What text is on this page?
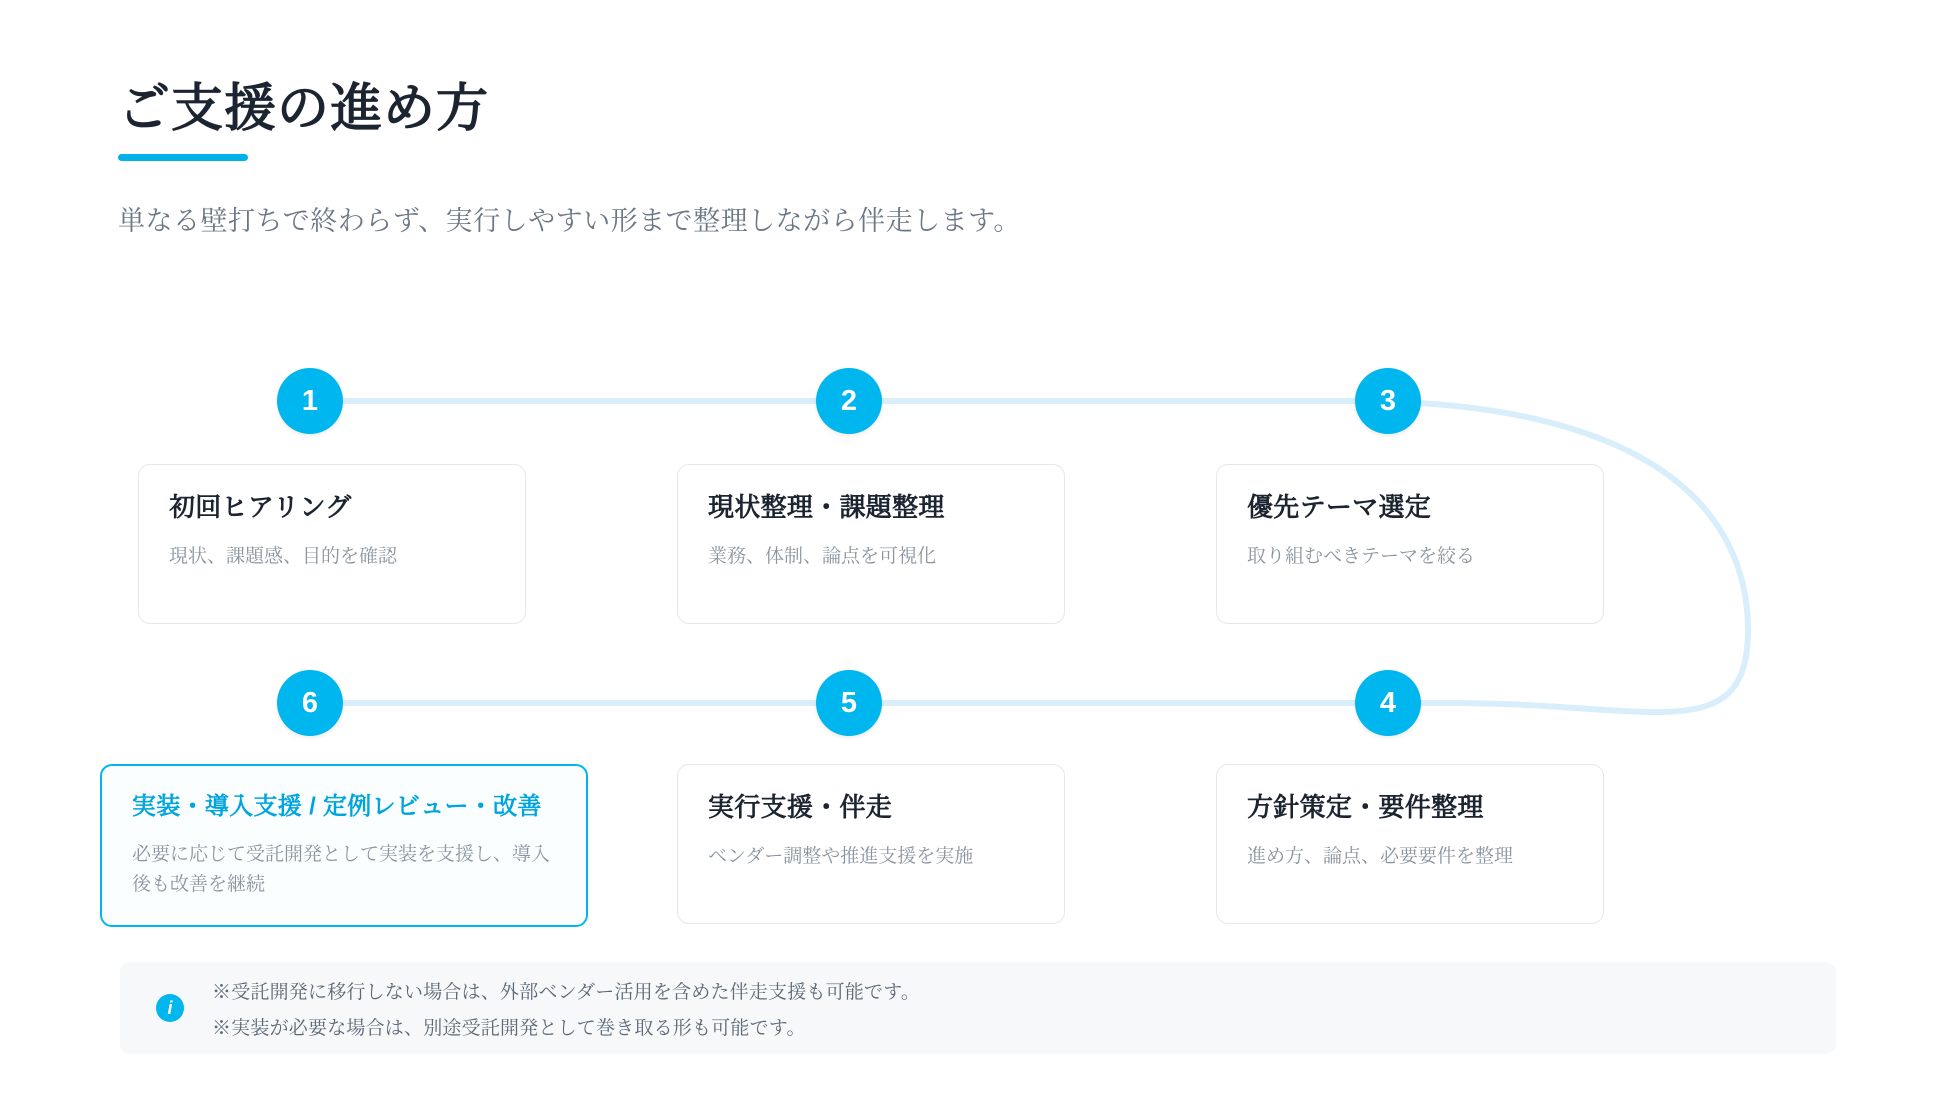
ご支援の進め方
単なる壁打ちで終わらず、実行しやすい形まで整理しながら伴走します。
1	2	3
初回ヒアリング
現状、課題感、目的を確認
現状整理・課題整理
業務、体制、論点を可視化
優先テーマ選定
取り組むべきテーマを絞る
6	5	4
実装・導入支援 / 定例レビュー・改善
必要に応じて受託開発として実装を支援し、導入後も改善を継続
実行支援・伴走
ベンダー調整や推進支援を実施
方針策定・要件整理
進め方、論点、必要要件を整理
i
※受託開発に移行しない場合は、外部ベンダー活用を含めた伴走支援も可能です。
※実装が必要な場合は、別途受託開発として巻き取る形も可能です。
